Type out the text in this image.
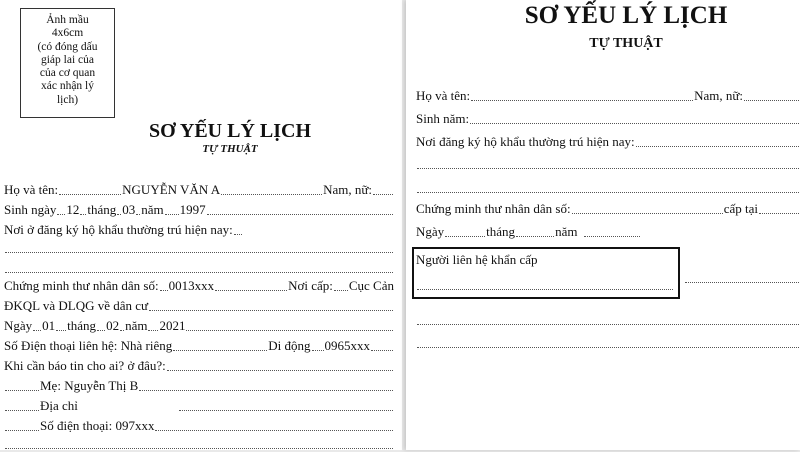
Ảnh mầu
4x6cm
(có đóng dấu
giáp lai của
của cơ quan
xác nhận lý
lịch)
SƠ YẾU LÝ LỊCH
TỰ THUẬT
Họ và tên:	NGUYỄN VĂN A	Nam, nữ:
Sinh ngày 12 tháng 03 năm 1997
Nơi ở đăng ký hộ khẩu thường trú hiện nay:
Chứng minh thư nhân dân số: 0013xxx	Nơi cấp: Cục Cản
ĐKQL và DLQG về dân cư
Ngày 01 tháng 02 năm 2021
Số Điện thoại liên hệ: Nhà riêng	Di động 0965xxx
Khi cần báo tin cho ai? ở đâu?:
Mẹ: Nguyễn Thị B
Địa chỉ
Số điện thoại: 097xxx
SƠ YẾU LÝ LỊCH
TỰ THUẬT
Họ và tên:	Nam, nữ:
Sinh năm:
Nơi đăng ký hộ khẩu thường trú hiện nay:
Chứng minh thư nhân dân số:	cấp tại
Ngày	tháng	năm
Người liên hệ khẩn cấp
